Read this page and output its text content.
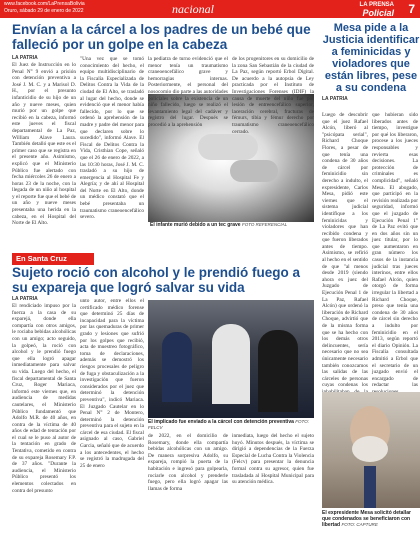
www.facebook.com/LaPrensaBolivia
Oruro, sábado 29 de enero de 2022	nacional	LA PRENSA
Policial 7
Envían a la cárcel a los padres de un bebé que falleció por un golpe en la cabeza
LA PATRIA
El Juez de Instrucción en lo Penal N° 9 envió a prisión con detención preventiva a José J. M. C. y a Marisol D. H., por el presunto infanticidio de su hijo de un año y nueve meses, quien murió por un golpe que recibió en la cabeza, informó este jueves el fiscal departamental de La Paz, William Alave Laura. También detalló que este es el primer caso que se registra en el presente año. Asimismo, explicó que el Ministerio Público fue alertado con fecha miércoles 26 de enero a horas 23 de la noche, con la llegada de un niño al hospital y el reporte fue que el bebé de un año y nueve meses presentaba una herida en la cabeza, en el Hospital del Norte de El Alto.
"Una vez que se tomó conocimiento del hecho, el equipo multidisciplinario de la Fiscalía Especializada de Delitos Contra la Vida de la ciudad de El Alto, se trasladó al lugar del hecho, donde se evidenció que el menor había fallecido, por lo que se ordenó la aprehensión de la madre y padre del menor para que declaren sobre lo sucedido", informó Alave. El Fiscal de Delitos Contra la Vida, Cristhian Cope, señaló que el 26 de enero de 2022, a las 10:30 horas, José J. M. C. trasladó a su hijo de emergencia al Hospital Fe y Alegría; y de ahí al Hospital del Norte en El Alto, donde un médico constató que el bebé presentaba un traumatismo craneoencefálico severo.
El infante murió debido a un tec grave FOTO REFERENCIAL
la pediatra de turno evidenció que el menor tenía un traumatismo craneoencefálico grave y hemorragias internas. Posteriormente, el personal del nosocomio dio parte a las autoridades policiales sobre la existencia de un niño fallecido, luego se realizó el levantamiento legal del cadáver y registro del lugar. Después se procedió a la aprehensión
de los progenitores en su domicilio de la zona San Sebastián de la ciudad de La Paz, según reportó Erbol Digital. De acuerdo a la autopsia de Ley practicada por el Instituto de Investigaciones Forenses (IDIF) la causa de muerte del niño fue por lesión de entreencefálico superior, laceración cerebral, fracturas de fémurs, tibia y fémur derecho por traumatismo craneoencefálico cerrado.
Mesa pide a la Justicia identificar a feminicidas y violadores que están libres, pese a su condena
LA PATRIA
Luego de descubrir que el juez Rafael Alcón, liberó al "psicópata serial", Richard Choque Flores, a pesar de que tenía una condena de 30 años de cárcel por feminicidio sin derecho a indulto, el expresidente, Carlos Mesa, pidió este viernes que el sistema judicial identifique a los feminicidas y violadores que han recibido condena y que fueron liberados antes de tiempo. Asimismo, se refirió al hecho en el sentido de que "al menos desde 2019 (siendo ahora ex juez del Juzgado de Ejecución Penal 1 de La Paz, Rafael Alcón) que ordenó la liberación de Richard Choque, advirtió que de la misma forma que se ha hecho con los demás otros delincuentes, sería necesario que no sea únicamente necesario también conozcamos las salidas de las cárceles de personas cuyas condenas los
que hubieran sido liberados antes de tiempo, investigue por qué los liberaron, procese a los jueces responsables y revierta esas decisiones. La protección de criminales es complicidad", señaló Mesa. El abogado, que participó en la revisión realizada por seguridad, informó que el juzgado de Ejecución Penal 1° de La Paz evitó que en dos años sin un juez titular, por lo que aumentaron en gran número los casos de la instancia judicial tras jueces interinos, entre ellos Rafael Alcón, quien otorgó de forma irregular la libertad a Richard Choque, preso que tenía una condena de 30 años de cárcel sin derecho a indulto por feminicidio en el 2013, según reportó el diario Opinión. La Fiscalía consultada admitió a Erbol que el secretario de un juzgado envió el encargado de redactar las
El expresidente Mesa solicitó detallar que condenados se beneficiaron con libertad FOTO: CAPTURE
En Santa Cruz
Sujeto roció con alcohol y le prendió fuego a su expareja que logró salvar su vida
LA PATRIA
El rendiciado impuso por la fuerza a la casa de su exparejá, donde ella compartía con otros amigos, le rociaba bebidas alcohólicas con un amigo; acto seguido, la golpeó, la roció con alcohol y le prendió fuego que ella logró apagar inmediatamente para salvar su vida. Luego del hecho, el fiscal departamental de Santa Cruz, Roger Mariaca, informó este viernes que, en audiencia de medidas cautelares, el Ministerio Público fundamentó que Adolfo M.R. de 40 años, en contra de la víctima de 40 años de edad de tentación por el cual se le puso al autor de la tentación en grado de Tentativa, cometido en contra de su expareja Rosemary F.P. de 37 años. "Durante la audiencia, el Ministerio Público presentó los elementos colectados en contra del presunto
unto autor, entre ellos el certificado médico forense que determinó 25 días de incapacidad para la víctima por las quemaduras de primer grado y lesiones que sufrió por los golpes que recibió, acta de muestreo fotográfico, toma de declaraciones, además se demostró los riesgos procesales de peligro de fuga y obstaculización a la investigación que fueron considerados por el juez que determinó la detención preventiva", indicó Mariaca. El Juzgado Cautelar en lo Penal N° 2 de Montero, determinó la detención preventiva para el sujeto en la cárcel de esa ciudad. El fiscal asignado al caso, Gabriel Garcia, señaló que de acuerdo a los antecedentes, el hecho se registró la madrugada del 25 de enero
El implicado fue enviado a la cárcel con detención preventiva FOTO: FELCV
de 2022, en el domicilio de Rosemary, donde ella compartía bebidas alcohólicas con un amigo. De manera sorpresiva Adolfo, su expareja, rompió la puerta de la habitación e ingresó para golpearla, rociarle con alcohol y prenderle fuego, pero ella logró apagar las llamas de forma
inmediata, luego del hecho el sujeto huyó. Minutos después, la víctima se dirigió a dependencias de la Fuerza Especial de Lucha Contra la Violencia (Felcv) para presentar la denuncia formal contra su agresor, quien fue trasladada al Hospital Municipal para su atención médica.
